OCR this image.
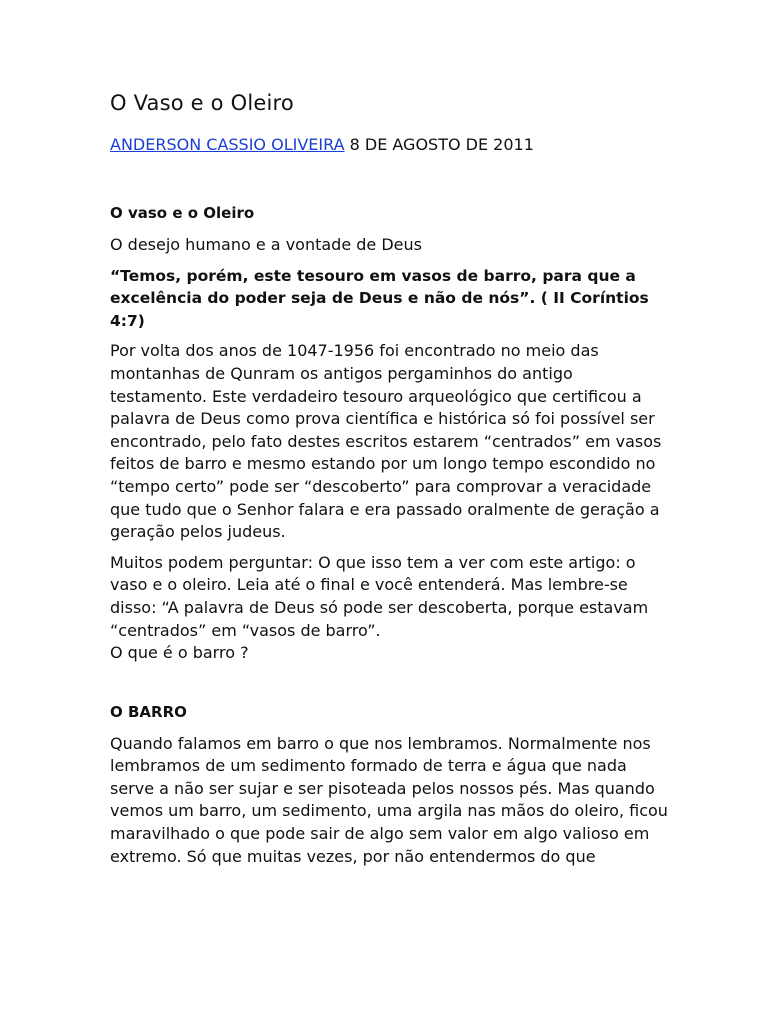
O Vaso e o Oleiro
ANDERSON CASSIO OLIVEIRA 8 DE AGOSTO DE 2011
O vaso e o Oleiro
O desejo humano e a vontade de Deus
“Temos, porém, este tesouro em vasos de barro, para que a excelência do poder seja de Deus e não de nós”. ( II Coríntios 4:7)
Por volta dos anos de 1047-1956 foi encontrado no meio das montanhas de Qunram os antigos pergaminhos do antigo testamento. Este verdadeiro tesouro arqueológico que certificou a palavra de Deus como prova científica e histórica só foi possível ser encontrado, pelo fato destes escritos estarem “centrados” em vasos feitos de barro e mesmo estando por um longo tempo escondido no “tempo certo” pode ser “descoberto” para comprovar a veracidade que tudo que o Senhor falara e era passado oralmente de geração a geração pelos judeus.
Muitos podem perguntar: O que isso tem a ver com este artigo: o vaso e o oleiro. Leia até o final e você entenderá. Mas lembre-se disso: “A palavra de Deus só pode ser descoberta, porque estavam “centrados” em “vasos de barro”.
O que é o barro ?
O BARRO
Quando falamos em barro o que nos lembramos. Normalmente nos lembramos de um sedimento formado de terra e água que nada serve a não ser sujar e ser pisoteada pelos nossos pés. Mas quando vemos um barro, um sedimento, uma argila nas mãos do oleiro, ficou maravilhado o que pode sair de algo sem valor em algo valioso em extremo. Só que muitas vezes, por não entendermos do que
